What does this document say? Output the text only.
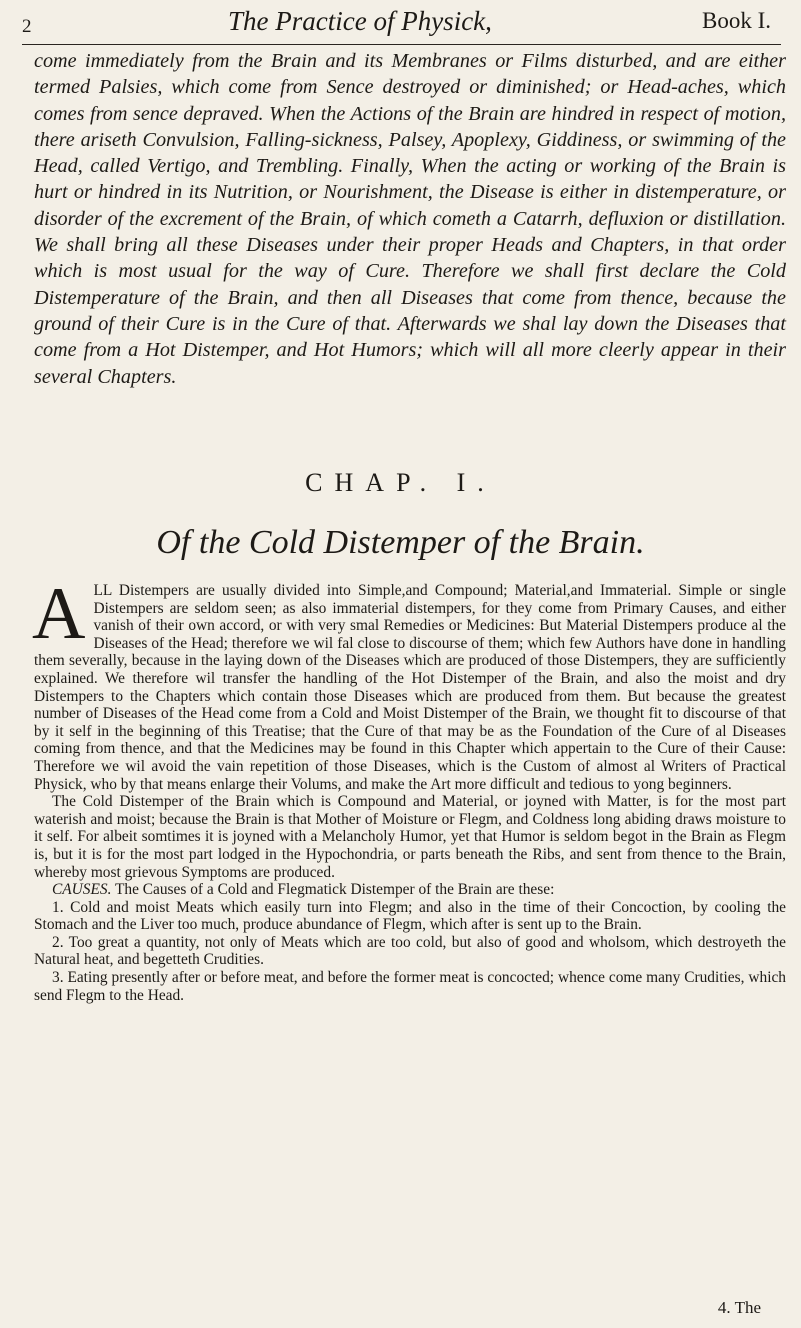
2	The Practice of Physick,	Book I.

come immediately from the Brain and its Membranes or Films disturbed, and are either termed Palsies, which come from Sence destroyed or diminished; or Head-aches, which comes from sence depraved. When the Actions of the Brain are hindred in respect of motion, there ariseth Convulsion, Falling-sickness, Palsey, Apoplexy, Giddiness, or swimming of the Head, called Vertigo, and Trembling. Finally, When the acting or working of the Brain is hurt or hindred in its Nutrition, or Nourishment, the Disease is either in distemperature, or disorder of the excrement of the Brain, of which cometh a Catarrh, defluxion or distillation. We shall bring all these Diseases under their proper Heads and Chapters, in that order which is most usual for the way of Cure. Therefore we shall first declare the Cold Distemperature of the Brain, and then all Diseases that come from thence, because the ground of their Cure is in the Cure of that. Afterwards we shal lay down the Diseases that come from a Hot Distemper, and Hot Humors; which will all more cleerly appear in their several Chapters.

CHAP. I.
Of the Cold Distemper of the Brain.

ALL Distempers are usually divided into Simple,and Compound; Material,and Immaterial. Simple or single Distempers are seldom seen; as also immaterial distempers, for they come from Primary Causes, and either vanish of their own accord, or with very smal Remedies or Medicines: But Material Distempers produce al the Diseases of the Head; therefore we wil fal close to discourse of them; which few Authors have done in handling them severally, because in the laying down of the Diseases which are produced of those Distempers, they are sufficiently explained. We therefore wil transfer the handling of the Hot Distemper of the Brain, and also the moist and dry Distempers to the Chapters which contain those Diseases which are produced from them. But because the greatest number of Diseases of the Head come from a Cold and Moist Distemper of the Brain, we thought fit to discourse of that by it self in the beginning of this Treatise; that the Cure of that may be as the Foundation of the Cure of al Diseases coming from thence, and that the Medicines may be found in this Chapter which appertain to the Cure of their Cause: Therefore we wil avoid the vain repetition of those Diseases, which is the Custom of almost al Writers of Practical Physick, who by that means enlarge their Volums, and make the Art more difficult and tedious to yong beginners.

The Cold Distemper of the Brain which is Compound and Material, or joyned with Matter, is for the most part waterish and moist; because the Brain is that Mother of Moisture or Flegm, and Coldness long abiding draws moisture to it self. For albeit somtimes it is joyned with a Melancholy Humor, yet that Humor is seldom begot in the Brain as Flegm is, but it is for the most part lodged in the Hypochondria, or parts beneath the Ribs, and sent from thence to the Brain, whereby most grievous Symptoms are produced.

CAUSES. The Causes of a Cold and Flegmatick Distemper of the Brain are these:

1. Cold and moist Meats which easily turn into Flegm; and also in the time of their Concoction, by cooling the Stomach and the Liver too much, produce abundance of Flegm, which after is sent up to the Brain.

2. Too great a quantity, not only of Meats which are too cold, but also of good and wholsom, which destroyeth the Natural heat, and begetteth Crudities.

3. Eating presently after or before meat, and before the former meat is concocted; whence come many Crudities, which send Flegm to the Head.

4. The
